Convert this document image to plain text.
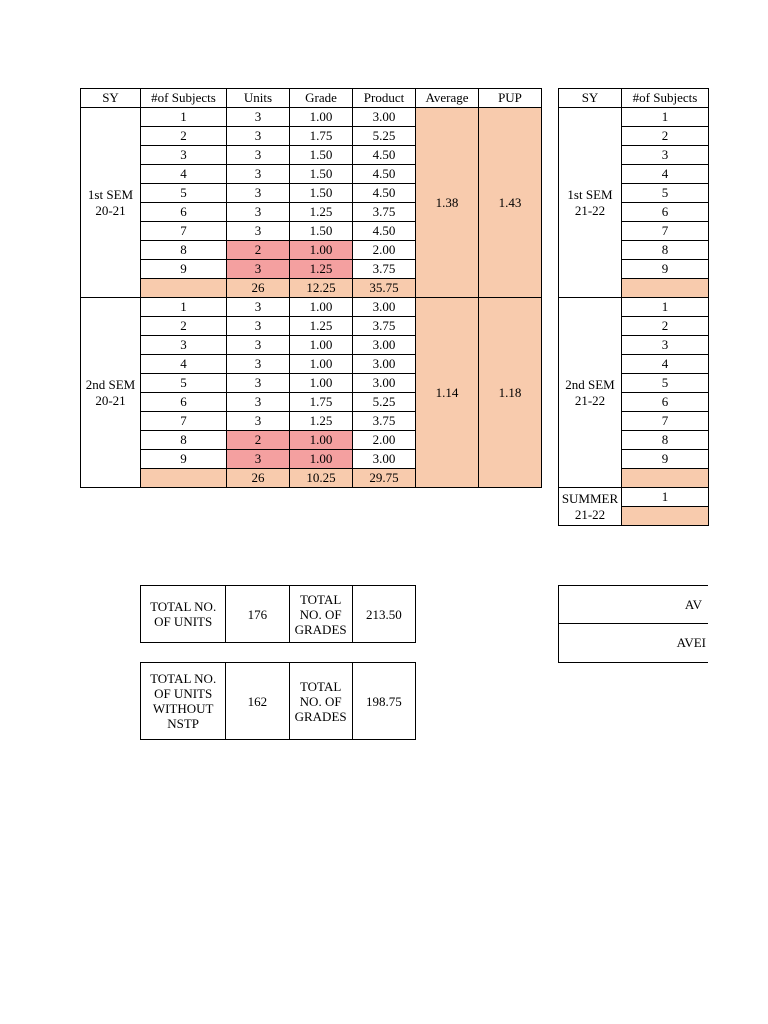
SY	#of Subjects	Units	Grade	Product	Average	PUP
1st SEM 20-21	1	3	1.00	3.00	1.38	1.43
	2	3	1.75	5.25		
	3	3	1.50	4.50		
	4	3	1.50	4.50		
	5	3	1.50	4.50		
	6	3	1.25	3.75		
	7	3	1.50	4.50		
	8	2	1.00	2.00		
	9	3	1.25	3.75		
		26	12.25	35.75		
2nd SEM 20-21	1	3	1.00	3.00	1.14	1.18
	2	3	1.25	3.75		
	3	3	1.00	3.00		
	4	3	1.00	3.00		
	5	3	1.00	3.00		
	6	3	1.75	5.25		
	7	3	1.25	3.75		
	8	2	1.00	2.00		
	9	3	1.00	3.00		
		26	10.25	29.75		
SY	#of Subjects
1st SEM 21-22	1
	2
	3
	4
	5
	6
	7
	8
	9

2nd SEM 21-22	1
	2
	3
	4
	5
	6
	7
	8
	9

SUMMER 21-22	1

TOTAL NO. OF UNITS	176	TOTAL NO. OF GRADES	213.50
TOTAL NO. OF UNITS WITHOUT NSTP	162	TOTAL NO. OF GRADES	198.75
AV
AVEI
